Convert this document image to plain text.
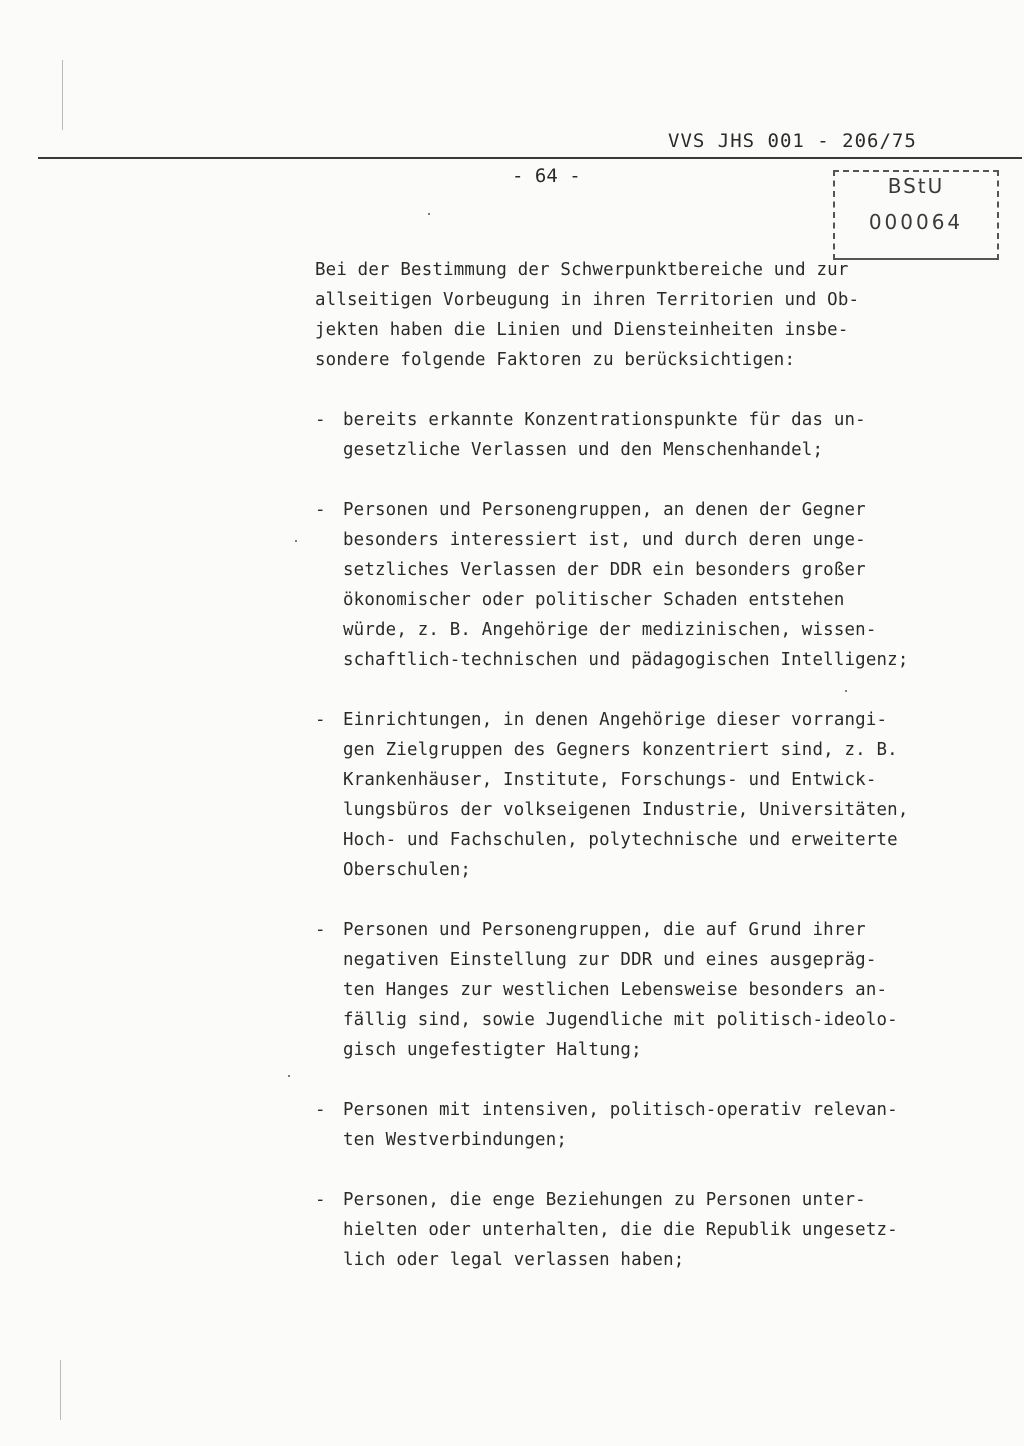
VVS JHS 001 - 206/75
- 64 -	BStU
000064
Bei der Bestimmung der Schwerpunktbereiche und zur
allseitigen Vorbeugung in ihren Territorien und Ob-
jekten haben die Linien und Diensteinheiten insbe-
sondere folgende Faktoren zu berücksichtigen:
- bereits erkannte Konzentrationspunkte für das un-
gesetzliche Verlassen und den Menschenhandel;
- Personen und Personengruppen, an denen der Gegner
besonders interessiert ist, und durch deren unge-
setzliches Verlassen der DDR ein besonders großer
ökonomischer oder politischer Schaden entstehen
würde, z. B. Angehörige der medizinischen, wissen-
schaftlich-technischen und pädagogischen Intelligenz;
- Einrichtungen, in denen Angehörige dieser vorrangi-
gen Zielgruppen des Gegners konzentriert sind, z. B.
Krankenhäuser, Institute, Forschungs- und Entwick-
lungsbüros der volkseigenen Industrie, Universitäten,
Hoch- und Fachschulen, polytechnische und erweiterte
Oberschulen;
- Personen und Personengruppen, die auf Grund ihrer
negativen Einstellung zur DDR und eines ausgepräg-
ten Hanges zur westlichen Lebensweise besonders an-
fällig sind, sowie Jugendliche mit politisch-ideolo-
gisch ungefestigter Haltung;
- Personen mit intensiven, politisch-operativ relevan-
ten Westverbindungen;
- Personen, die enge Beziehungen zu Personen unter-
hielten oder unterhalten, die die Republik ungesetz-
lich oder legal verlassen haben;
